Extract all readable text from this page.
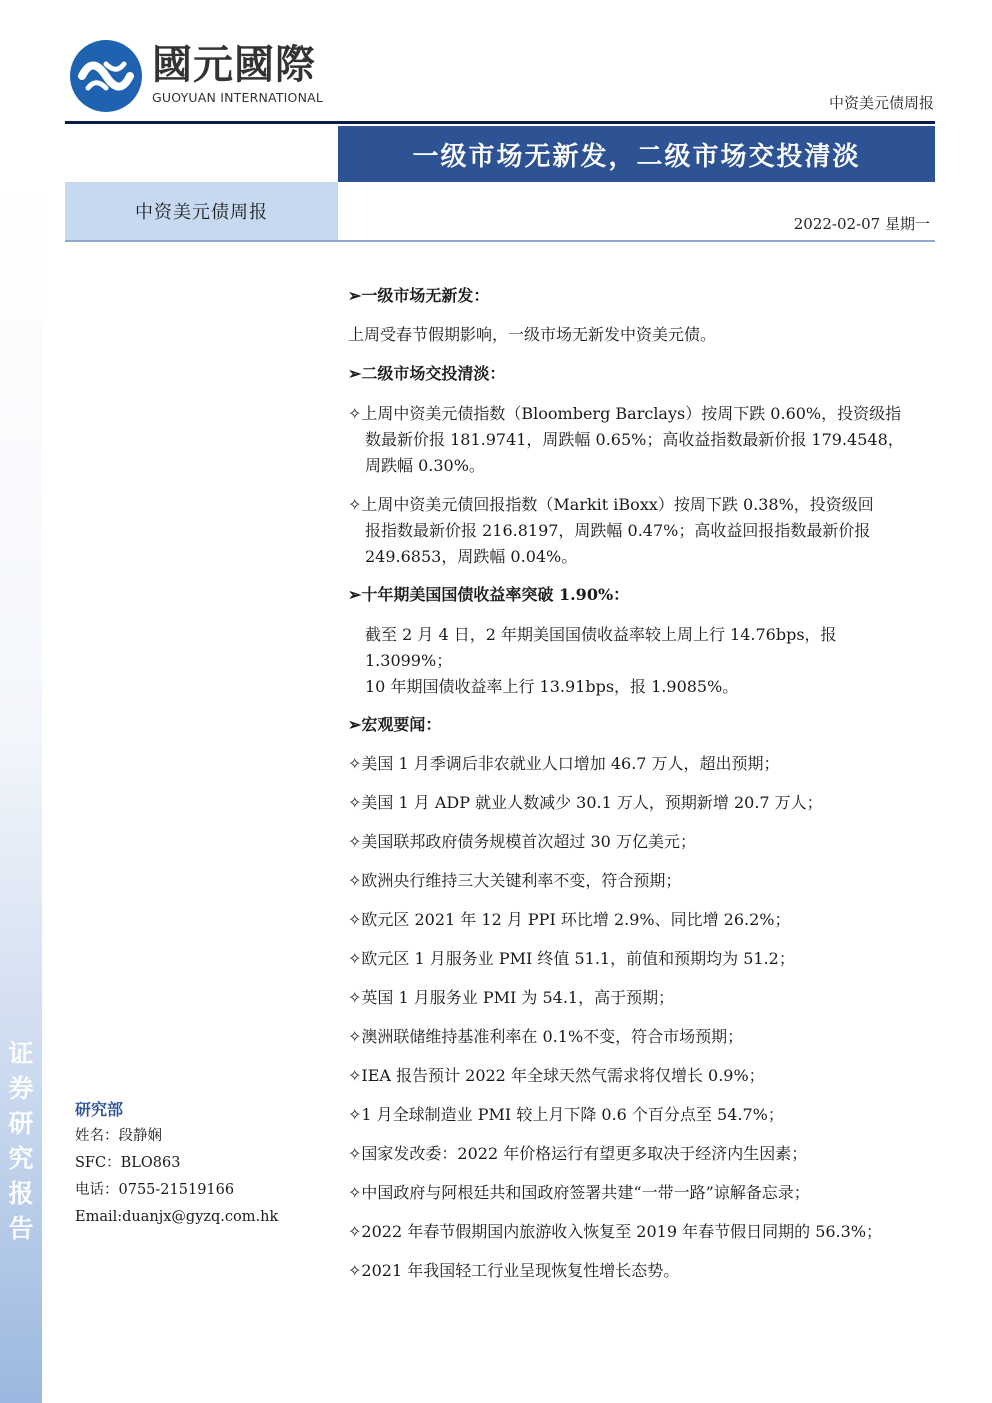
证
券
研
究
报
告
國元國際
GUOYUAN INTERNATIONAL	中资美元债周报
一级市场无新发，二级市场交投清淡
中资美元债周报
2022-02-07 星期一
➢一级市场无新发：
上周受春节假期影响，一级市场无新发中资美元债。
➢二级市场交投清淡：
✧上周中资美元债指数（Bloomberg Barclays）按周下跌 0.60%，投资级指
数最新价报 181.9741，周跌幅 0.65%；高收益指数最新价报 179.4548，
周跌幅 0.30%。
✧上周中资美元债回报指数（Markit iBoxx）按周下跌 0.38%，投资级回
报指数最新价报 216.8197，周跌幅 0.47%；高收益回报指数最新价报
249.6853，周跌幅 0.04%。
➢十年期美国国债收益率突破 1.90%：
截至 2 月 4 日，2 年期美国国债收益率较上周上行 14.76bps，报 1.3099%；
10 年期国债收益率上行 13.91bps，报 1.9085%。
➢宏观要闻：
✧美国 1 月季调后非农就业人口增加 46.7 万人，超出预期；
✧美国 1 月 ADP 就业人数减少 30.1 万人，预期新增 20.7 万人；
✧美国联邦政府债务规模首次超过 30 万亿美元；
✧欧洲央行维持三大关键利率不变，符合预期；
✧欧元区 2021 年 12 月 PPI 环比增 2.9%、同比增 26.2%；
✧欧元区 1 月服务业 PMI 终值 51.1，前值和预期均为 51.2；
✧英国 1 月服务业 PMI 为 54.1，高于预期；
✧澳洲联储维持基准利率在 0.1%不变，符合市场预期；
✧IEA 报告预计 2022 年全球天然气需求将仅增长 0.9%；
✧1 月全球制造业 PMI 较上月下降 0.6 个百分点至 54.7%；
✧国家发改委：2022 年价格运行有望更多取决于经济内生因素；
✧中国政府与阿根廷共和国政府签署共建“一带一路”谅解备忘录；
✧2022 年春节假期国内旅游收入恢复至 2019 年春节假日同期的 56.3%；
✧2021 年我国轻工行业呈现恢复性增长态势。
研究部
姓名：段静娴
SFC：BLO863
电话：0755-21519166
Email:duanjx@gyzq.com.hk
